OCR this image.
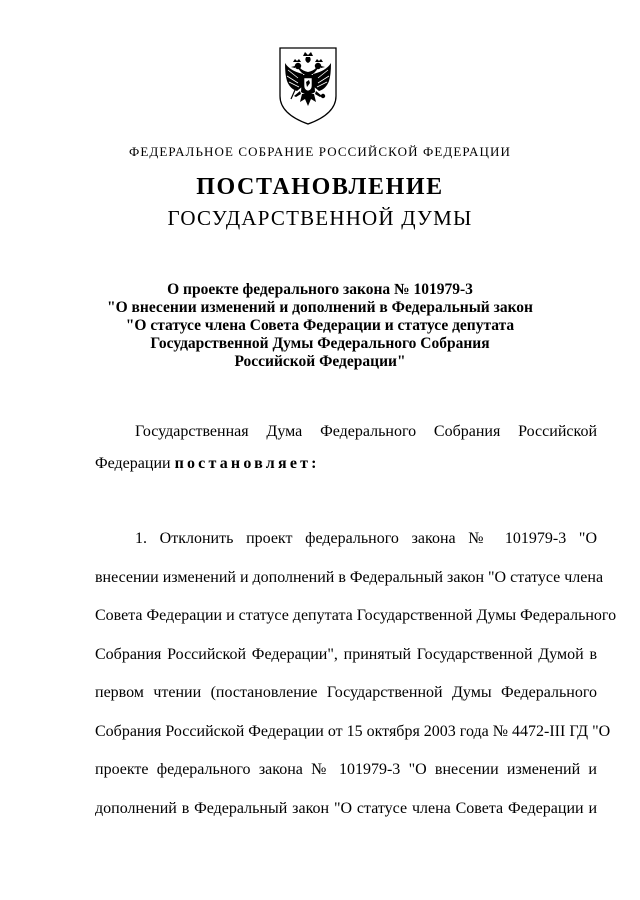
ФЕДЕРАЛЬНОЕ СОБРАНИЕ РОССИЙСКОЙ ФЕДЕРАЦИИ
ПОСТАНОВЛЕНИЕ
ГОСУДАРСТВЕННОЙ ДУМЫ
О проекте федерального закона № 101979-3
"О внесении изменений и дополнений в Федеральный закон
"О статусе члена Совета Федерации и статусе депутата
Государственной Думы Федерального Собрания
Российской Федерации"
Государственная Дума Федерального Собрания Российской
Федерации постановляет:
1. Отклонить проект федерального закона № 101979-3 "О
внесении изменений и дополнений в Федеральный закон "О статусе члена
Совета Федерации и статусе депутата Государственной Думы Федерального
Собрания Российской Федерации", принятый Государственной Думой в
первом чтении (постановление Государственной Думы Федерального
Собрания Российской Федерации от 15 октября 2003 года № 4472-III ГД "О
проекте федерального закона № 101979-3 "О внесении изменений и
дополнений в Федеральный закон "О статусе члена Совета Федерации и
